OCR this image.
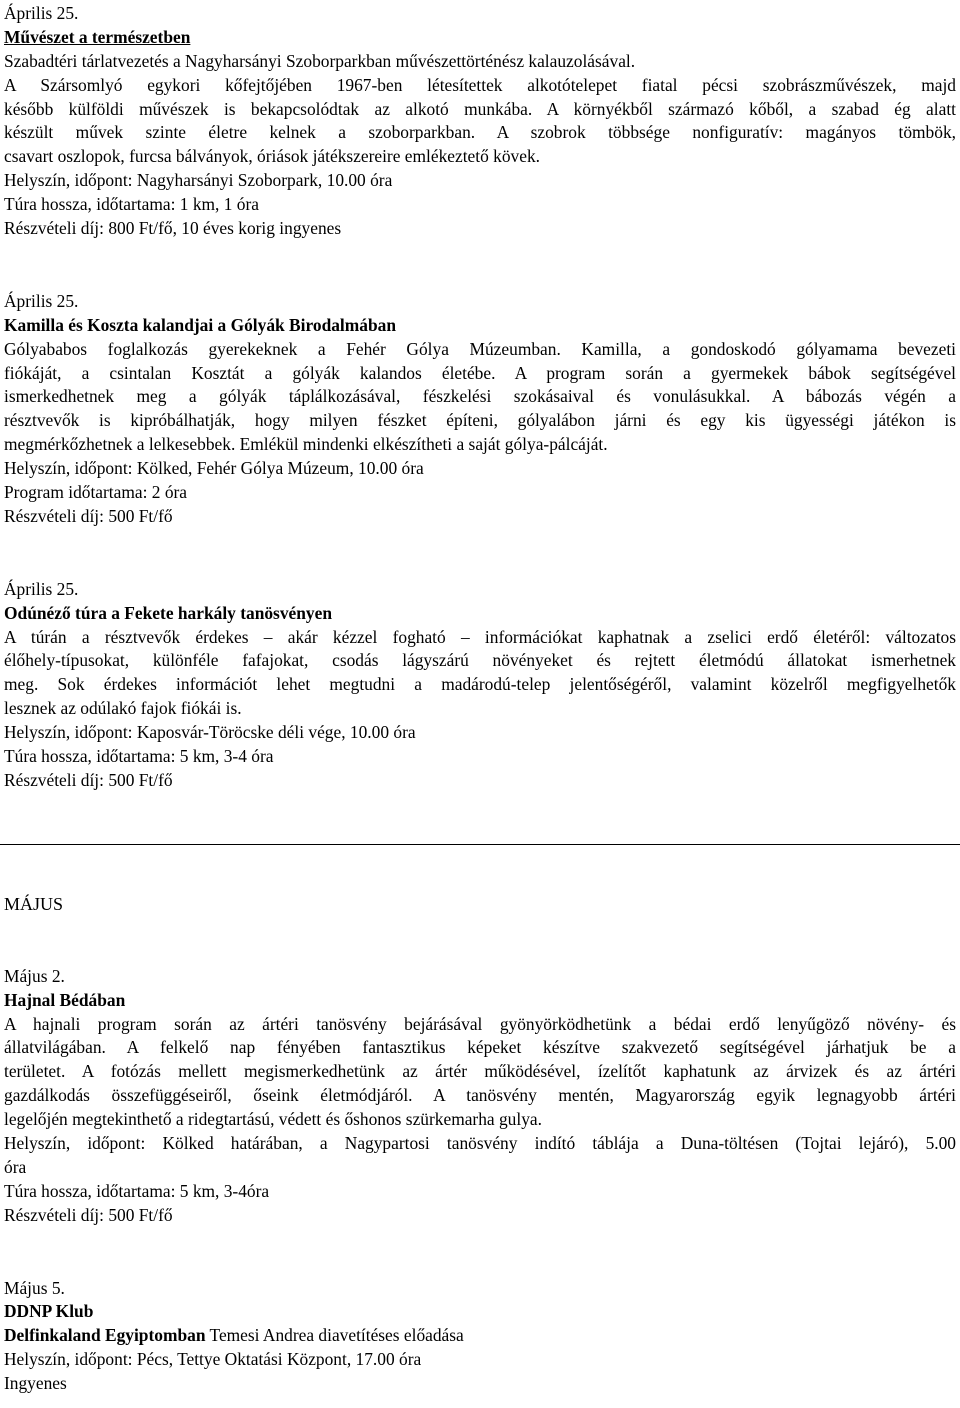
Április 25.
Művészet a természetben
Szabadtéri tárlatvezetés a Nagyharsányi Szoborparkban művészettörténész kalauzolásával.
A Szársomlyó egykori kőfejtőjében 1967-ben létesítettek alkotótelepet fiatal pécsi szobrászművészek, majd
később külföldi művészek is bekapcsolódtak az alkotó munkába. A környékből származó kőből, a szabad ég alatt
készült művek szinte életre kelnek a szoborparkban. A szobrok többsége nonfiguratív: magányos tömbök,
csavart oszlopok, furcsa bálványok, óriások játékszereire emlékeztető kövek.
Helyszín, időpont: Nagyharsányi Szoborpark, 10.00 óra
Túra hossza, időtartama: 1 km, 1 óra
Részvételi díj: 800 Ft/fő, 10 éves korig ingyenes
Április 25.
Kamilla és Koszta kalandjai a Gólyák Birodalmában
Gólyababos foglalkozás gyerekeknek a Fehér Gólya Múzeumban. Kamilla, a gondoskodó gólyamama bevezeti
fiókáját, a csintalan Kosztát a gólyák kalandos életébe. A program során a gyermekek bábok segítségével
ismerkedhetnek meg a gólyák táplálkozásával, fészkelési szokásaival és vonulásukkal. A bábozás végén a
résztvevők is kipróbálhatják, hogy milyen fészket építeni, gólyalábon járni és egy kis ügyességi játékon is
megmérkőzhetnek a lelkesebbek. Emlékül mindenki elkészítheti a saját gólya-pálcáját.
Helyszín, időpont: Kölked, Fehér Gólya Múzeum, 10.00 óra
Program időtartama: 2 óra
Részvételi díj: 500 Ft/fő
Április 25.
Odúnéző túra a Fekete harkály tanösvényen
A túrán a résztvevők érdekes – akár kézzel fogható – információkat kaphatnak a zselici erdő életéről: változatos
élőhely-típusokat, különféle fafajokat, csodás lágyszárú növényeket és rejtett életmódú állatokat ismerhetnek
meg. Sok érdekes információt lehet megtudni a madárodú-telep jelentőségéről, valamint közelről megfigyelhetők
lesznek az odúlakó fajok fiókái is.
Helyszín, időpont: Kaposvár-Töröcske déli vége, 10.00 óra
Túra hossza, időtartama: 5 km, 3-4 óra
Részvételi díj: 500 Ft/fő
MÁJUS
Május 2.
Hajnal Bédában
A hajnali program során az ártéri tanösvény bejárásával gyönyörködhetünk a bédai erdő lenyűgöző növény- és
állatvilágában. A felkelő nap fényében fantasztikus képeket készítve szakvezető segítségével járhatjuk be a
területet. A fotózás mellett megismerkedhetünk az ártér működésével, ízelítőt kaphatunk az árvizek és az ártéri
gazdálkodás összefüggéseiről, őseink életmódjáról. A tanösvény mentén, Magyarország egyik legnagyobb ártéri
legelőjén megtekinthető a ridegtartású, védett és őshonos szürkemarha gulya.
Helyszín, időpont: Kölked határában, a Nagypartosi tanösvény indító táblája a Duna-töltésen (Tojtai lejáró), 5.00
óra
Túra hossza, időtartama: 5 km, 3-4óra
Részvételi díj: 500 Ft/fő
Május 5.
DDNP Klub
Delfinkaland Egyiptomban Temesi Andrea diavetítéses előadása
Helyszín, időpont: Pécs, Tettye Oktatási Központ, 17.00 óra
Ingyenes
